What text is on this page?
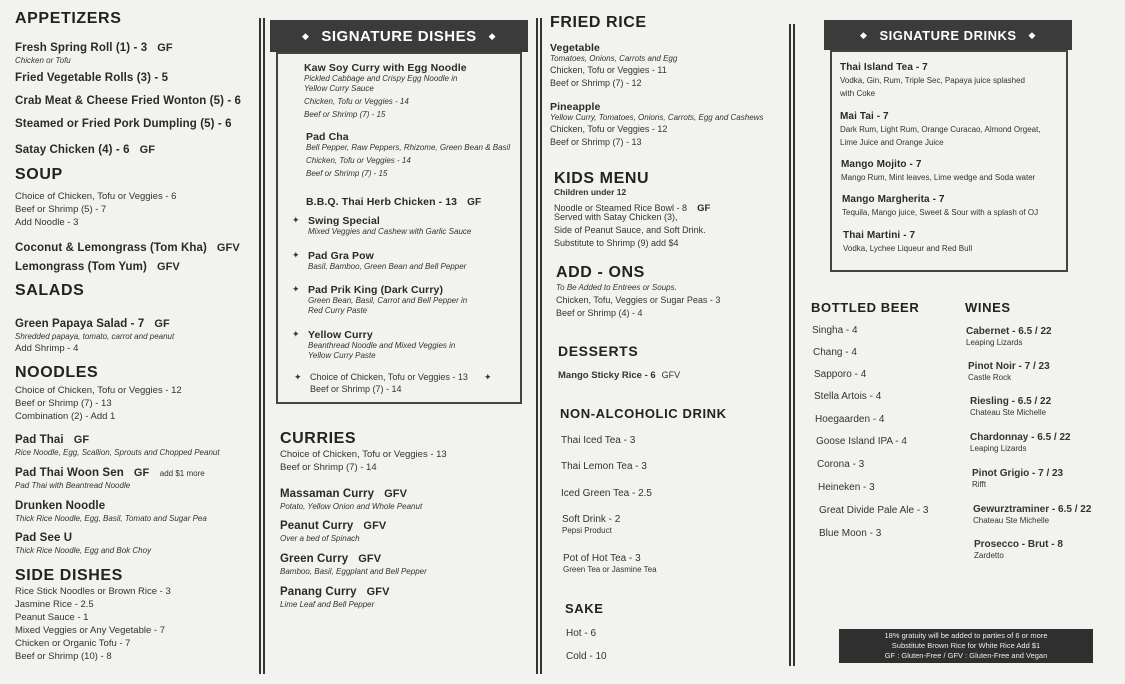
APPETIZERS
Fresh Spring Roll (1) - 3 GF
Chicken or Tofu
Fried Vegetable Rolls (3) - 5
Crab Meat & Cheese Fried Wonton (5) - 6
Steamed or Fried Pork Dumpling (5) - 6
Satay Chicken (4) - 6 GF
SOUP
Choice of Chicken, Tofu or Veggies - 6
Beef or Shrimp (5) - 7
Add Noodle - 3
Coconut & Lemongrass (Tom Kha) GFV
Lemongrass (Tom Yum) GFV
SALADS
Green Papaya Salad - 7 GF
Shredded papaya, tomato, carrot and peanut
Add Shrimp - 4
NOODLES
Choice of Chicken, Tofu or Veggies - 12
Beef or Shrimp (7) - 13
Combination (2) - Add 1
Pad Thai GF
Rice Noodle, Egg, Scallion, Sprouts and Chopped Peanut
Pad Thai Woon Sen GF add $1 more
Pad Thai with Beantread Noodle
Drunken Noodle
Thick Rice Noodle, Egg, Basil, Tomato and Sugar Pea
Pad See U
Thick Rice Noodle, Egg and Bok Choy
SIDE DISHES
Rice Stick Noodles or Brown Rice - 3
Jasmine Rice - 2.5
Peanut Sauce - 1
Mixed Veggies or Any Vegetable - 7
Chicken or Organic Tofu - 7
Beef or Shrimp (10) - 8
◆ SIGNATURE DISHES ◆
Kaw Soy Curry with Egg Noodle
Pickled Cabbage and Crispy Egg Noodle in
Yellow Curry Sauce
Chicken, Tofu or Veggies - 14
Beef or Shrimp (7) - 15
Pad Cha
Bell Pepper, Raw Peppers, Rhizome, Green Bean & Basil
Chicken, Tofu or Veggies - 14
Beef or Shrimp (7) - 15
B.B.Q. Thai Herb Chicken - 13 GF
✦ Swing Special
Mixed Veggies and Cashew with Garlic Sauce
✦ Pad Gra Pow
Basil, Bamboo, Green Bean and Bell Pepper
✦ Pad Prik King (Dark Curry)
Green Bean, Basil, Carrot and Bell Pepper in
Red Curry Paste
✦ Yellow Curry
Beanthread Noodle and Mixed Veggies in
Yellow Curry Paste
✦ Choice of Chicken, Tofu or Veggies - 13 ✦
Beef or Shrimp (7) - 14
CURRIES
Choice of Chicken, Tofu or Veggies - 13
Beef or Shrimp (7) - 14
Massaman Curry GFV
Potato, Yellow Onion and Whole Peanut
Peanut Curry GFV
Over a bed of Spinach
Green Curry GFV
Bamboo, Basil, Eggplant and Bell Pepper
Panang Curry GFV
Lime Leaf and Bell Pepper
FRIED RICE
Vegetable
Tomatoes, Onions, Carrots and Egg
Chicken, Tofu or Veggies - 11
Beef or Shrimp (7) - 12
Pineapple
Yellow Curry, Tomatoes, Onions, Carrots, Egg and Cashews
Chicken, Tofu or Veggies - 12
Beef or Shrimp (7) - 13
KIDS MENU
Children under 12
Noodle or Steamed Rice Bowl - 8 GF
Served with Satay Chicken (3),
Side of Peanut Sauce, and Soft Drink.
Substitute to Shrimp (9) add $4
ADD - ONS
To Be Added to Entrees or Soups.
Chicken, Tofu, Veggies or Sugar Peas - 3
Beef or Shrimp (4) - 4
DESSERTS
Mango Sticky Rice - 6 GFV
NON-ALCOHOLIC DRINK
Thai Iced Tea - 3
Thai Lemon Tea - 3
Iced Green Tea - 2.5
Soft Drink - 2
Pepsi Product
Pot of Hot Tea - 3
Green Tea or Jasmine Tea
SAKE
Hot - 6
Cold - 10
◆ SIGNATURE DRINKS ◆
Thai Island Tea - 7
Vodka, Gin, Rum, Triple Sec, Papaya juice splashed
with Coke
Mai Tai - 7
Dark Rum, Light Rum, Orange Curacao, Almond Orgeat,
Lime Juice and Orange Juice
Mango Mojito - 7
Mango Rum, Mint leaves, Lime wedge and Soda water
Mango Margherita - 7
Tequila, Mango juice, Sweet & Sour with a splash of OJ
Thai Martini - 7
Vodka, Lychee Liqueur and Red Bull
BOTTLED BEER
Singha - 4
Chang - 4
Sapporo - 4
Stella Artois - 4
Hoegaarden - 4
Goose Island IPA - 4
Corona - 3
Heineken - 3
Great Divide Pale Ale - 3
Blue Moon - 3
WINES
Cabernet - 6.5 / 22
Leaping Lizards
Pinot Noir - 7 / 23
Castle Rock
Riesling - 6.5 / 22
Chateau Ste Michelle
Chardonnay - 6.5 / 22
Leaping Lizards
Pinot Grigio - 7 / 23
Rifft
Gewurztraminer - 6.5 / 22
Chateau Ste Michelle
Prosecco - Brut - 8
Zardetto
18% gratuity will be added to parties of 6 or more
Substitute Brown Rice for White Rice Add $1
GF : Gluten-Free / GFV : Gluten-Free and Vegan
